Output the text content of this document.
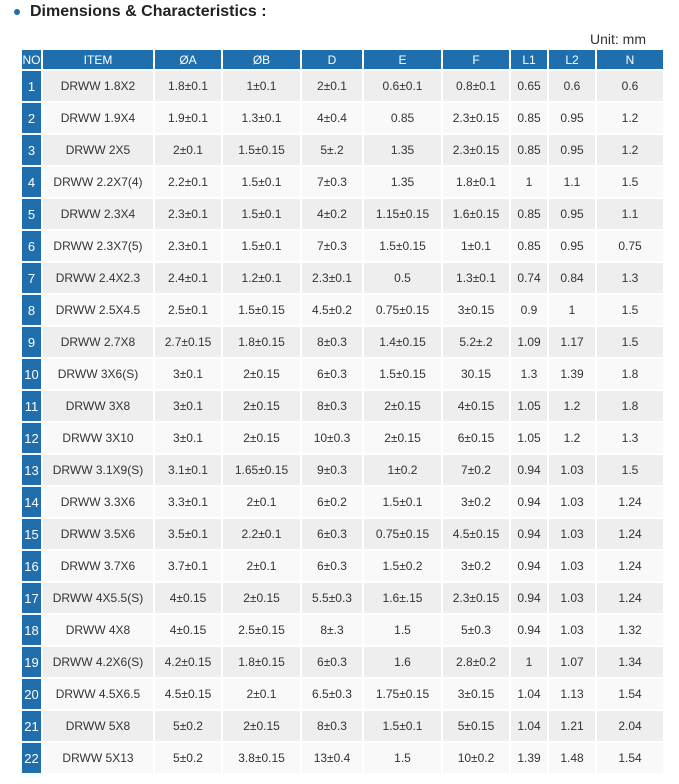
Dimensions & Characteristics :
Unit: mm
NO	ITEM	ØA	ØB	D	E	F	L1	L2	N
1	DRWW 1.8X2	1.8±0.1	1±0.1	2±0.1	0.6±0.1	0.8±0.1	0.65	0.6	0.6
2	DRWW 1.9X4	1.9±0.1	1.3±0.1	4±0.4	0.85	2.3±0.15	0.85	0.95	1.2
3	DRWW 2X5	2±0.1	1.5±0.15	5±.2	1.35	2.3±0.15	0.85	0.95	1.2
4	DRWW 2.2X7(4)	2.2±0.1	1.5±0.1	7±0.3	1.35	1.8±0.1	1	1.1	1.5
5	DRWW 2.3X4	2.3±0.1	1.5±0.1	4±0.2	1.15±0.15	1.6±0.15	0.85	0.95	1.1
6	DRWW 2.3X7(5)	2.3±0.1	1.5±0.1	7±0.3	1.5±0.15	1±0.1	0.85	0.95	0.75
7	DRWW 2.4X2.3	2.4±0.1	1.2±0.1	2.3±0.1	0.5	1.3±0.1	0.74	0.84	1.3
8	DRWW 2.5X4.5	2.5±0.1	1.5±0.15	4.5±0.2	0.75±0.15	3±0.15	0.9	1	1.5
9	DRWW 2.7X8	2.7±0.15	1.8±0.15	8±0.3	1.4±0.15	5.2±.2	1.09	1.17	1.5
10	DRWW 3X6(S)	3±0.1	2±0.15	6±0.3	1.5±0.15	30.15	1.3	1.39	1.8
11	DRWW 3X8	3±0.1	2±0.15	8±0.3	2±0.15	4±0.15	1.05	1.2	1.8
12	DRWW 3X10	3±0.1	2±0.15	10±0.3	2±0.15	6±0.15	1.05	1.2	1.3
13	DRWW 3.1X9(S)	3.1±0.1	1.65±0.15	9±0.3	1±0.2	7±0.2	0.94	1.03	1.5
14	DRWW 3.3X6	3.3±0.1	2±0.1	6±0.2	1.5±0.1	3±0.2	0.94	1.03	1.24
15	DRWW 3.5X6	3.5±0.1	2.2±0.1	6±0.3	0.75±0.15	4.5±0.15	0.94	1.03	1.24
16	DRWW 3.7X6	3.7±0.1	2±0.1	6±0.3	1.5±0.2	3±0.2	0.94	1.03	1.24
17	DRWW 4X5.5(S)	4±0.15	2±0.15	5.5±0.3	1.6±.15	2.3±0.15	0.94	1.03	1.24
18	DRWW 4X8	4±0.15	2.5±0.15	8±.3	1.5	5±0.3	0.94	1.03	1.32
19	DRWW 4.2X6(S)	4.2±0.15	1.8±0.15	6±0.3	1.6	2.8±0.2	1	1.07	1.34
20	DRWW 4.5X6.5	4.5±0.15	2±0.1	6.5±0.3	1.75±0.15	3±0.15	1.04	1.13	1.54
21	DRWW 5X8	5±0.2	2±0.15	8±0.3	1.5±0.1	5±0.15	1.04	1.21	2.04
22	DRWW 5X13	5±0.2	3.8±0.15	13±0.4	1.5	10±0.2	1.39	1.48	1.54
